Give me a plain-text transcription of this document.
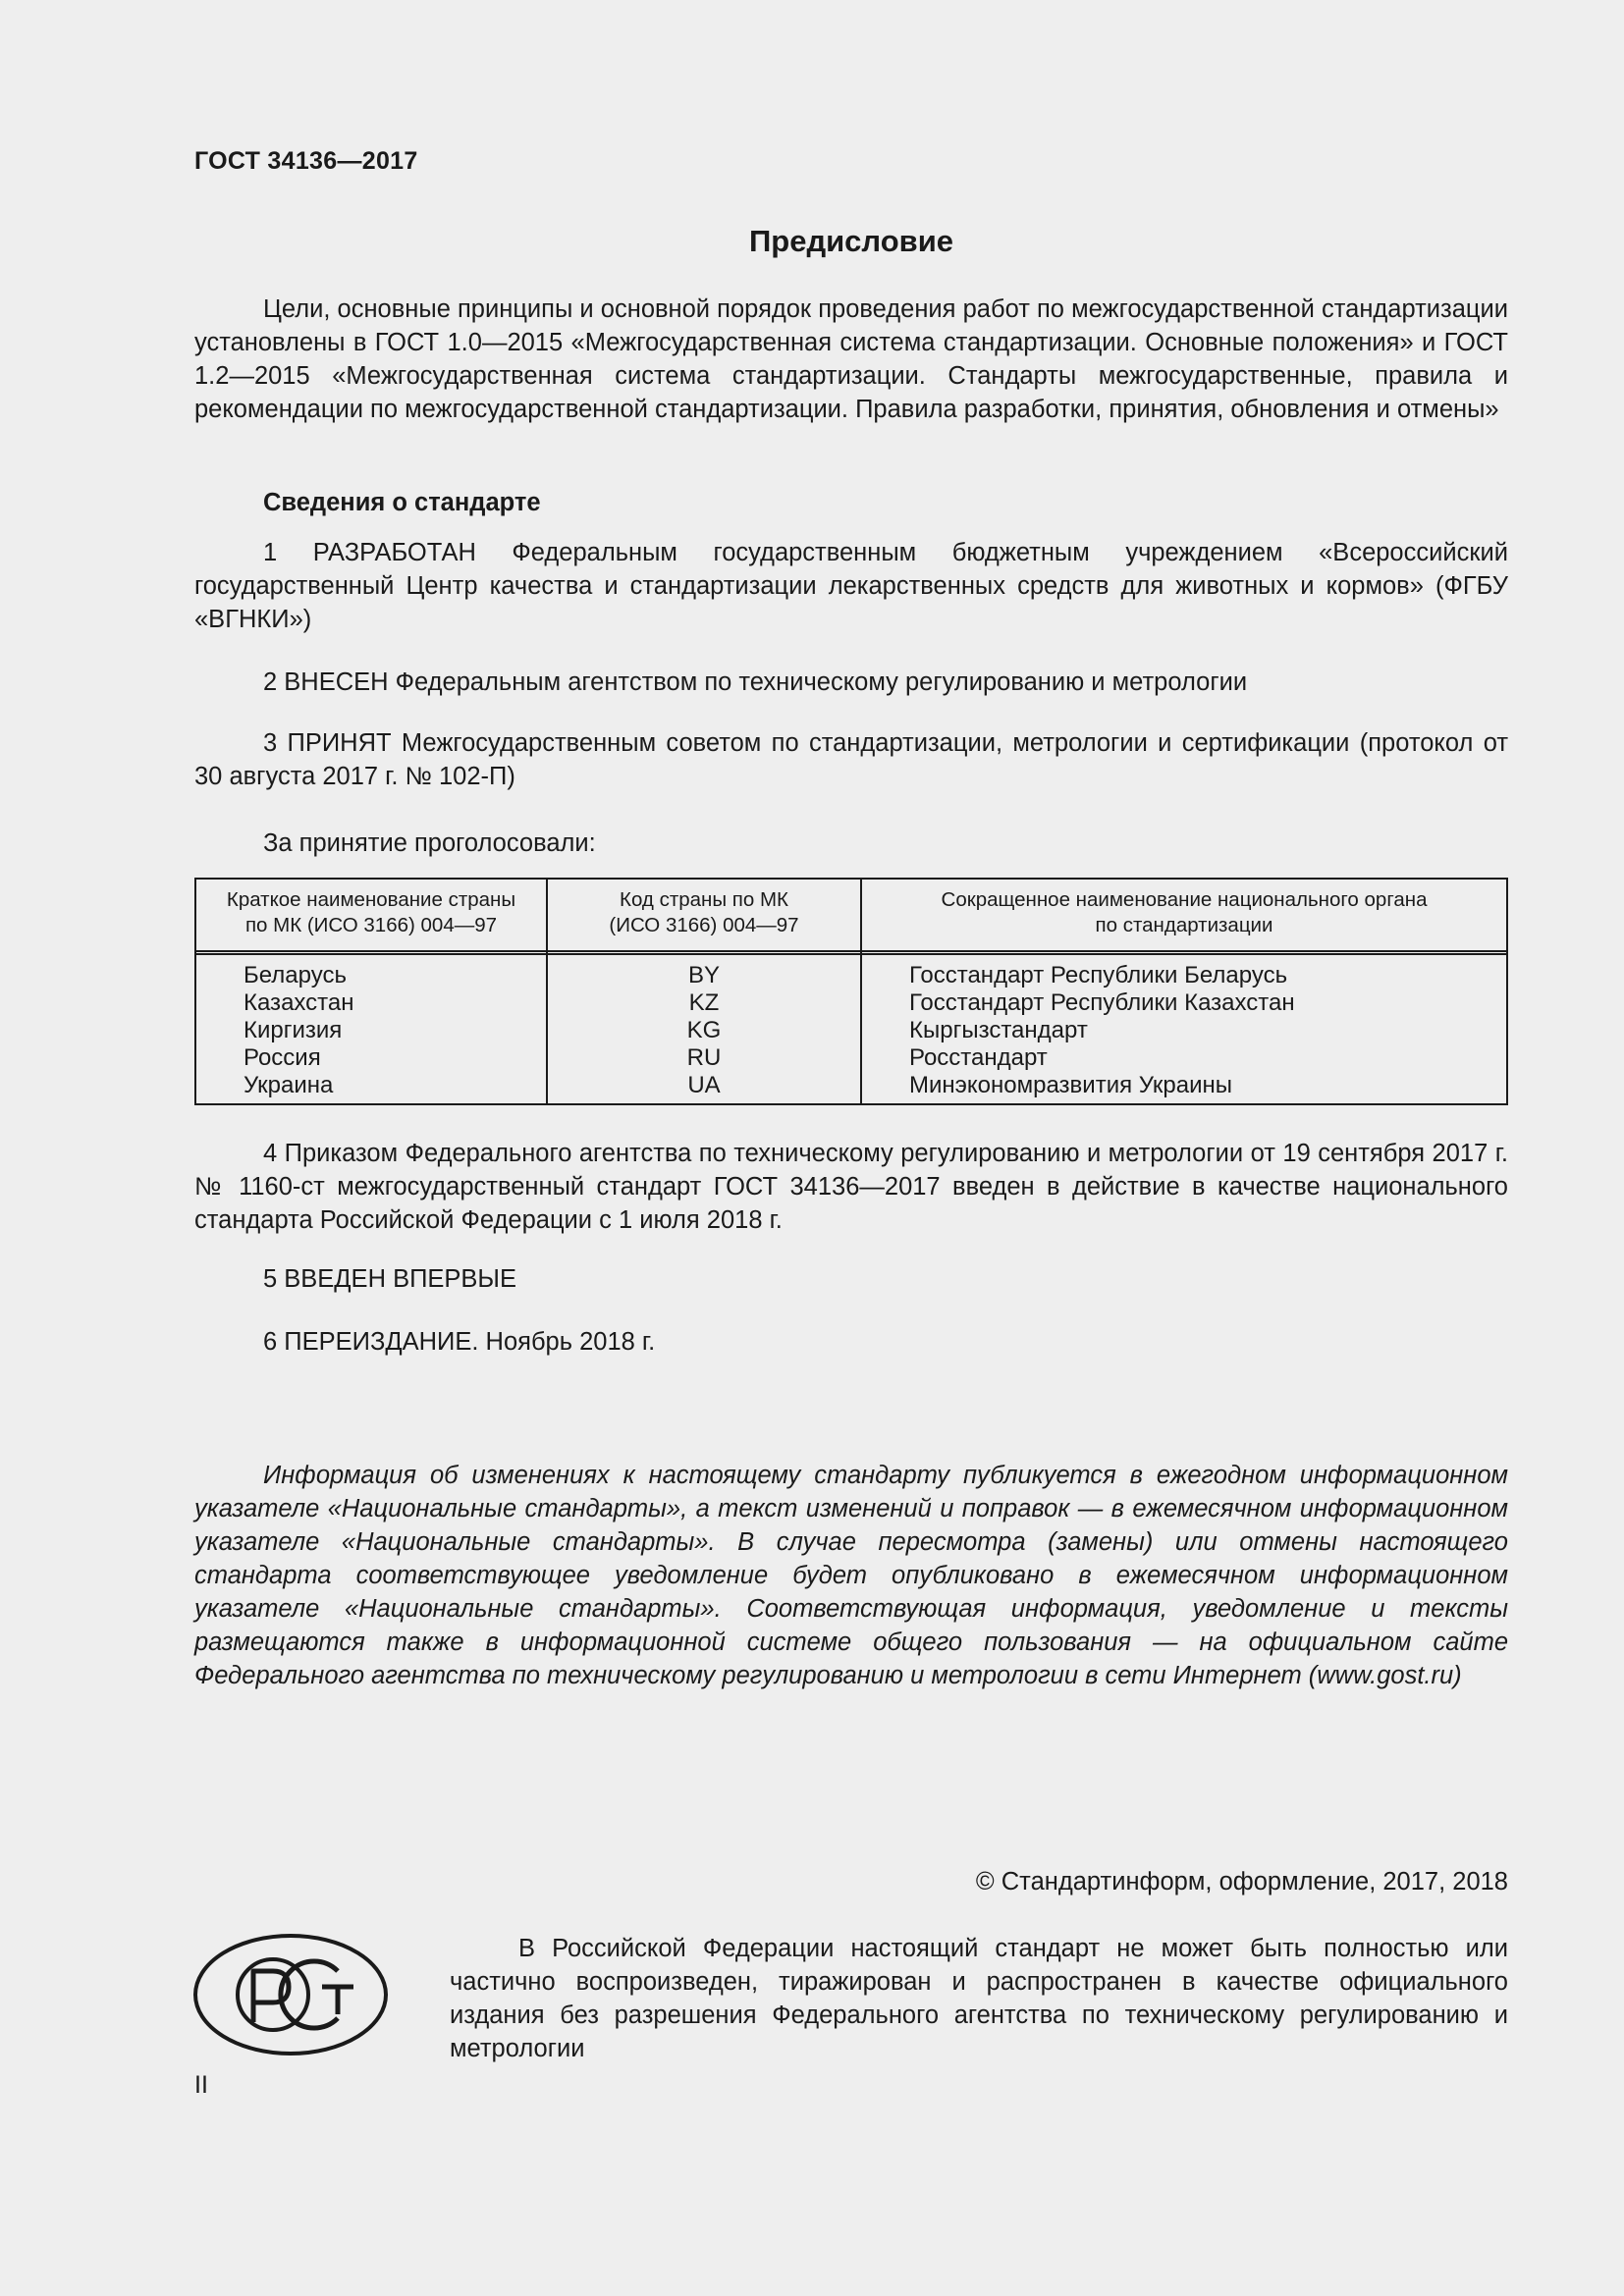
ГОСТ 34136—2017
Предисловие
Цели, основные принципы и основной порядок проведения работ по межгосударственной стандартизации установлены в ГОСТ 1.0—2015 «Межгосударственная система стандартизации. Основные положения» и ГОСТ 1.2—2015 «Межгосударственная система стандартизации. Стандарты межгосударственные, правила и рекомендации по межгосударственной стандартизации. Правила разработки, принятия, обновления и отмены»
Сведения о стандарте
1 РАЗРАБОТАН Федеральным государственным бюджетным учреждением «Всероссийский государственный Центр качества и стандартизации лекарственных средств для животных и кормов» (ФГБУ «ВГНКИ»)
2 ВНЕСЕН Федеральным агентством по техническому регулированию и метрологии
3 ПРИНЯТ Межгосударственным советом по стандартизации, метрологии и сертификации (протокол от 30 августа 2017 г. № 102-П)
За принятие проголосовали:
Краткое наименование страны
по МК (ИСО 3166) 004—97
Код страны по МК
(ИСО 3166) 004—97
Сокращенное наименование национального органа
по стандартизации
Беларусь
Казахстан
Киргизия
Россия
Украина
BY
KZ
KG
RU
UA
Госстандарт Республики Беларусь
Госстандарт Республики Казахстан
Кыргызстандарт
Росстандарт
Минэкономразвития Украины
4 Приказом Федерального агентства по техническому регулированию и метрологии от 19 сентября 2017 г. № 1160-ст межгосударственный стандарт ГОСТ 34136—2017 введен в действие в качестве национального стандарта Российской Федерации с 1 июля 2018 г.
5 ВВЕДЕН ВПЕРВЫЕ
6 ПЕРЕИЗДАНИЕ. Ноябрь 2018 г.
Информация об изменениях к настоящему стандарту публикуется в ежегодном информационном указателе «Национальные стандарты», а текст изменений и поправок — в ежемесячном информационном указателе «Национальные стандарты». В случае пересмотра (замены) или отмены настоящего стандарта соответствующее уведомление будет опубликовано в ежемесячном информационном указателе «Национальные стандарты». Соответствующая информация, уведомление и тексты размещаются также в информационной системе общего пользования — на официальном сайте Федерального агентства по техническому регулированию и метрологии в сети Интернет (www.gost.ru)
© Стандартинформ, оформление, 2017, 2018
В Российской Федерации настоящий стандарт не может быть полностью или частично воспроизведен, тиражирован и распространен в качестве официального издания без разрешения Федерального агентства по техническому регулированию и метрологии
II
